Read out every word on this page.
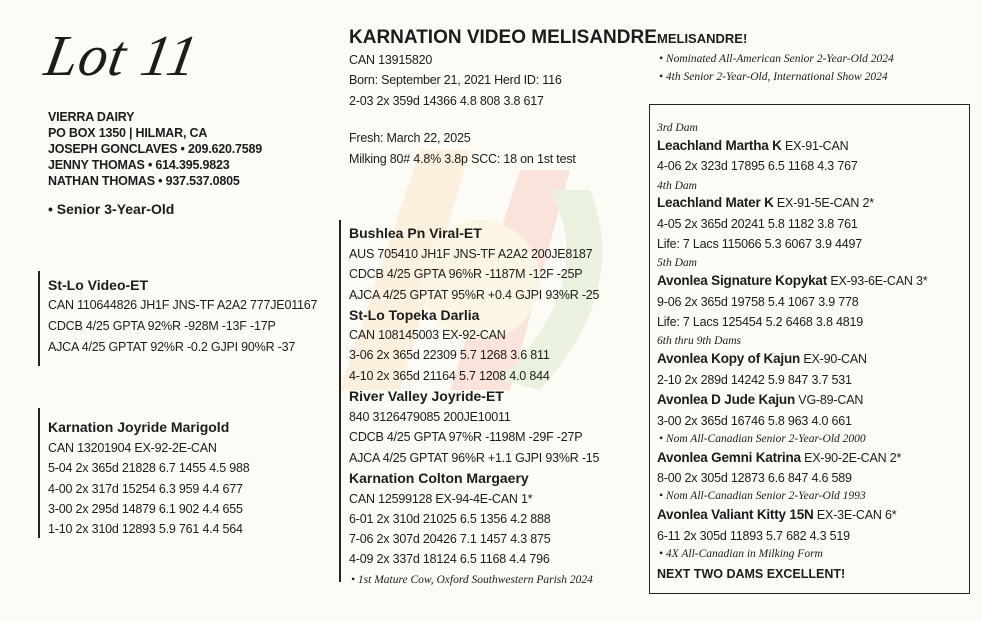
Lot 11
VIERRA DAIRY
PO BOX 1350 | HILMAR, CA
JOSEPH GONCLAVES • 209.620.7589
JENNY THOMAS • 614.395.9823
NATHAN THOMAS • 937.537.0805
• Senior 3-Year-Old
St-Lo Video-ET
CAN 110644826 JH1F JNS-TF A2A2 777JE01167
CDCB 4/25 GPTA 92%R -928M -13F -17P
AJCA 4/25 GPTAT 92%R -0.2 GJPI 90%R -37
Karnation Joyride Marigold
CAN 13201904 EX-92-2E-CAN
5-04 2x 365d 21828 6.7 1455 4.5 988
4-00 2x 317d 15254 6.3 959 4.4 677
3-00 2x 295d 14879 6.1 902 4.4 655
1-10 2x 310d 12893 5.9 761 4.4 564
KARNATION VIDEO MELISANDRE
CAN 13915820
Born: September 21, 2021 Herd ID: 116
2-03 2x 359d 14366 4.8 808 3.8 617
Fresh: March 22, 2025
Milking 80# 4.8% 3.8p SCC: 18 on 1st test
Bushlea Pn Viral-ET
AUS 705410 JH1F JNS-TF A2A2 200JE8187
CDCB 4/25 GPTA 96%R -1187M -12F -25P
AJCA 4/25 GPTAT 95%R +0.4 GJPI 93%R -25
St-Lo Topeka Darlia
CAN 108145003 EX-92-CAN
3-06 2x 365d 22309 5.7 1268 3.6 811
4-10 2x 365d 21164 5.7 1208 4.0 844
River Valley Joyride-ET
840 3126479085 200JE10011
CDCB 4/25 GPTA 97%R -1198M -29F -27P
AJCA 4/25 GPTAT 96%R +1.1 GJPI 93%R -15
Karnation Colton Margaery
CAN 12599128 EX-94-4E-CAN 1*
6-01 2x 310d 21025 6.5 1356 4.2 888
7-06 2x 307d 20426 7.1 1457 4.3 875
4-09 2x 337d 18124 6.5 1168 4.4 796
• 1st Mature Cow, Oxford Southwestern Parish 2024
MELISANDRE!
• Nominated All-American Senior 2-Year-Old 2024
• 4th Senior 2-Year-Old, International Show 2024
3rd Dam
Leachland Martha K EX-91-CAN
4-06 2x 323d 17895 6.5 1168 4.3 767
4th Dam
Leachland Mater K EX-91-5E-CAN 2*
4-05 2x 365d 20241 5.8 1182 3.8 761
Life: 7 Lacs 115066 5.3 6067 3.9 4497
5th Dam
Avonlea Signature Kopykat EX-93-6E-CAN 3*
9-06 2x 365d 19758 5.4 1067 3.9 778
Life: 7 Lacs 125454 5.2 6468 3.8 4819
6th thru 9th Dams
Avonlea Kopy of Kajun EX-90-CAN
2-10 2x 289d 14242 5.9 847 3.7 531
Avonlea D Jude Kajun VG-89-CAN
3-00 2x 365d 16746 5.8 963 4.0 661
• Nom All-Canadian Senior 2-Year-Old 2000
Avonlea Gemni Katrina EX-90-2E-CAN 2*
8-00 2x 305d 12873 6.6 847 4.6 589
• Nom All-Canadian Senior 2-Year-Old 1993
Avonlea Valiant Kitty 15N EX-3E-CAN 6*
6-11 2x 305d 11893 5.7 682 4.3 519
• 4X All-Canadian in Milking Form
NEXT TWO DAMS EXCELLENT!
